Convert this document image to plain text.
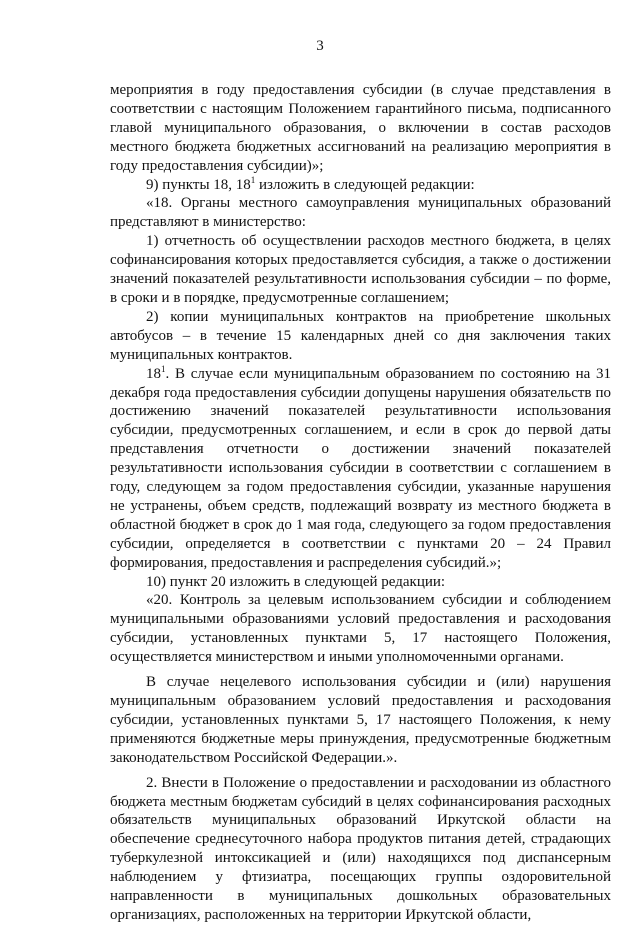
3

мероприятия в году предоставления субсидии (в случае представления в соответствии с настоящим Положением гарантийного письма, подписанного главой муниципального образования, о включении в состав расходов местного бюджета бюджетных ассигнований на реализацию мероприятия в году предоставления субсидии)»;

9) пункты 18, $18^1$ изложить в следующей редакции:

«18. Органы местного самоуправления муниципальных образований представляют в министерство:

1) отчетность об осуществлении расходов местного бюджета, в целях софинансирования которых предоставляется субсидия, а также о достижении значений показателей результативности использования субсидии – по форме, в сроки и в порядке, предусмотренные соглашением;

2) копии муниципальных контрактов на приобретение школьных автобусов – в течение 15 календарных дней со дня заключения таких муниципальных контрактов.

$18^1$. В случае если муниципальным образованием по состоянию на 31 декабря года предоставления субсидии допущены нарушения обязательств по достижению значений показателей результативности использования субсидии, предусмотренных соглашением, и если в срок до первой даты представления отчетности о достижении значений показателей результативности использования субсидии в соответствии с соглашением в году, следующем за годом предоставления субсидии, указанные нарушения не устранены, объем средств, подлежащий возврату из местного бюджета в областной бюджет в срок до 1 мая года, следующего за годом предоставления субсидии, определяется в соответствии с пунктами 20 – 24 Правил формирования, предоставления и распределения субсидий.»;

10) пункт 20 изложить в следующей редакции:

«20. Контроль за целевым использованием субсидии и соблюдением муниципальными образованиями условий предоставления и расходования субсидии, установленных пунктами 5, 17 настоящего Положения, осуществляется министерством и иными уполномоченными органами.

В случае нецелевого использования субсидии и (или) нарушения муниципальным образованием условий предоставления и расходования субсидии, установленных пунктами 5, 17 настоящего Положения, к нему применяются бюджетные меры принуждения, предусмотренные бюджетным законодательством Российской Федерации.».

2. Внести в Положение о предоставлении и расходовании из областного бюджета местным бюджетам субсидий в целях софинансирования расходных обязательств муниципальных образований Иркутской области на обеспечение среднесуточного набора продуктов питания детей, страдающих туберкулезной интоксикацией и (или) находящихся под диспансерным наблюдением у фтизиатра, посещающих группы оздоровительной направленности в муниципальных дошкольных образовательных организациях, расположенных на территории Иркутской области,
